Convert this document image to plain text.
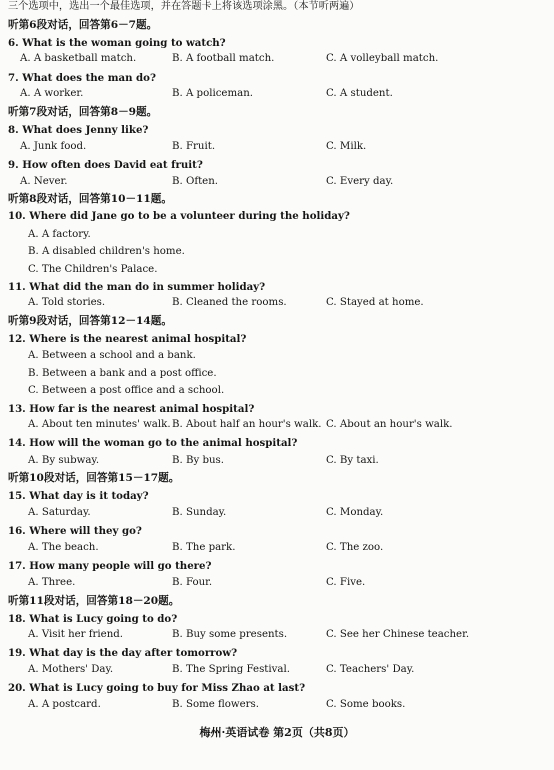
三个选项中，选出一个最佳选项，并在答题卡上将该选项涂黑。（本节听两遍）
听第6段对话，回答第6－7题。
6. What is the woman going to watch?
A. A basketball match.	B. A football match.	C. A volleyball match.
7. What does the man do?
A. A worker.	B. A policeman.	C. A student.
听第7段对话，回答第8－9题。
8. What does Jenny like?
A. Junk food.	B. Fruit.	C. Milk.
9. How often does David eat fruit?
A. Never.	B. Often.	C. Every day.
听第8段对话，回答第10－11题。
10. Where did Jane go to be a volunteer during the holiday?
A. A factory.
B. A disabled children's home.
C. The Children's Palace.
11. What did the man do in summer holiday?
A. Told stories.	B. Cleaned the rooms.	C. Stayed at home.
听第9段对话，回答第12－14题。
12. Where is the nearest animal hospital?
A. Between a school and a bank.
B. Between a bank and a post office.
C. Between a post office and a school.
13. How far is the nearest animal hospital?
A. About ten minutes' walk. B. About half an hour's walk. C. About an hour's walk.
14. How will the woman go to the animal hospital?
A. By subway.	B. By bus.	C. By taxi.
听第10段对话，回答第15－17题。
15. What day is it today?
A. Saturday.	B. Sunday.	C. Monday.
16. Where will they go?
A. The beach.	B. The park.	C. The zoo.
17. How many people will go there?
A. Three.	B. Four.	C. Five.
听第11段对话，回答第18－20题。
18. What is Lucy going to do?
A. Visit her friend.	B. Buy some presents.	C. See her Chinese teacher.
19. What day is the day after tomorrow?
A. Mothers' Day.	B. The Spring Festival.	C. Teachers' Day.
20. What is Lucy going to buy for Miss Zhao at last?
A. A postcard.	B. Some flowers.	C. Some books.
梅州·英语试卷 第2页（共8页）
